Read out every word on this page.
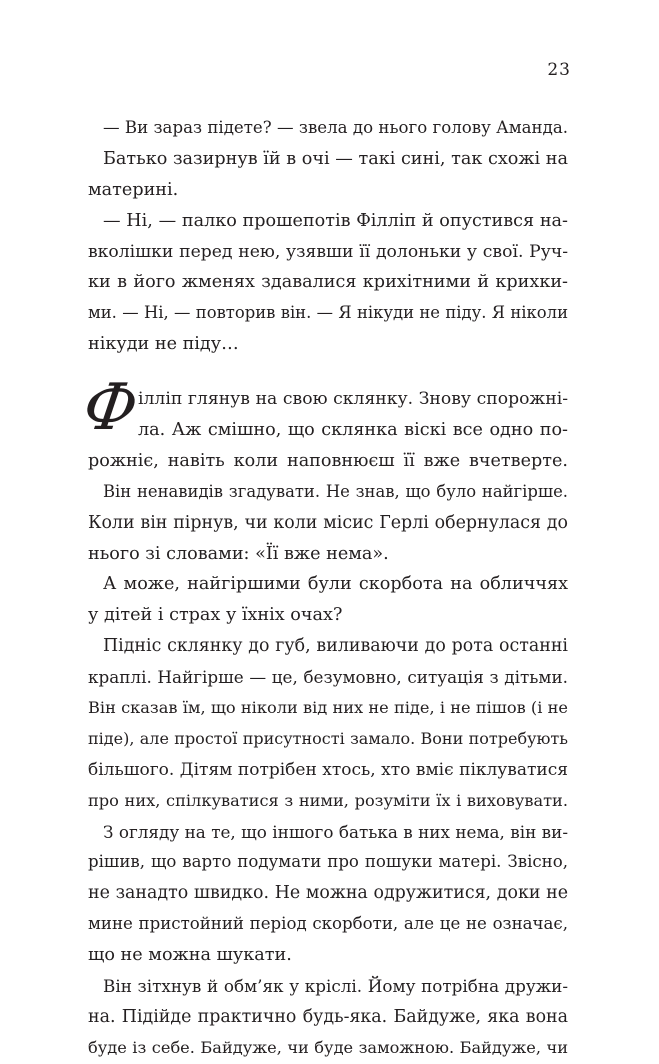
23
— Ви зараз підете? — звела до нього голову Аманда.
Батько зазирнув їй в очі — такі сині, так схожі на
материні.
— Ні, — палко прошепотів Філліп й опустився на-
вколішки перед нею, узявши її долоньки у свої. Руч-
ки в його жменях здавалися крихітними й крихки-
ми. — Ні, — повторив він. — Я нікуди не піду. Я ніколи
нікуди не піду…
Ф
ілліп глянув на свою склянку. Знову спорожні-
ла. Аж смішно, що склянка віскі все одно по-
рожніє, навіть коли наповнюєш її вже вчетверте.
Він ненавидів згадувати. Не знав, що було найгірше.
Коли він пірнув, чи коли місис Герлі обернулася до
нього зі словами: «Її вже нема».
А може, найгіршими були скорбота на обличчях
у дітей і страх у їхніх очах?
Підніс склянку до губ, виливаючи до рота останні
краплі. Найгірше — це, безумовно, ситуація з дітьми.
Він сказав їм, що ніколи від них не піде, і не пішов (і не
піде), але простої присутності замало. Вони потребують
більшого. Дітям потрібен хтось, хто вміє піклуватися
про них, спілкуватися з ними, розуміти їх і виховувати.
З огляду на те, що іншого батька в них нема, він ви-
рішив, що варто подумати про пошуки матері. Звісно,
не занадто швидко. Не можна одружитися, доки не
мине пристойний період скорботи, але це не означає,
що не можна шукати.
Він зітхнув й обм’як у кріслі. Йому потрібна дружи-
на. Підійде практично будь-яка. Байдуже, яка вона
буде із себе. Байдуже, чи буде заможною. Байдуже, чи
